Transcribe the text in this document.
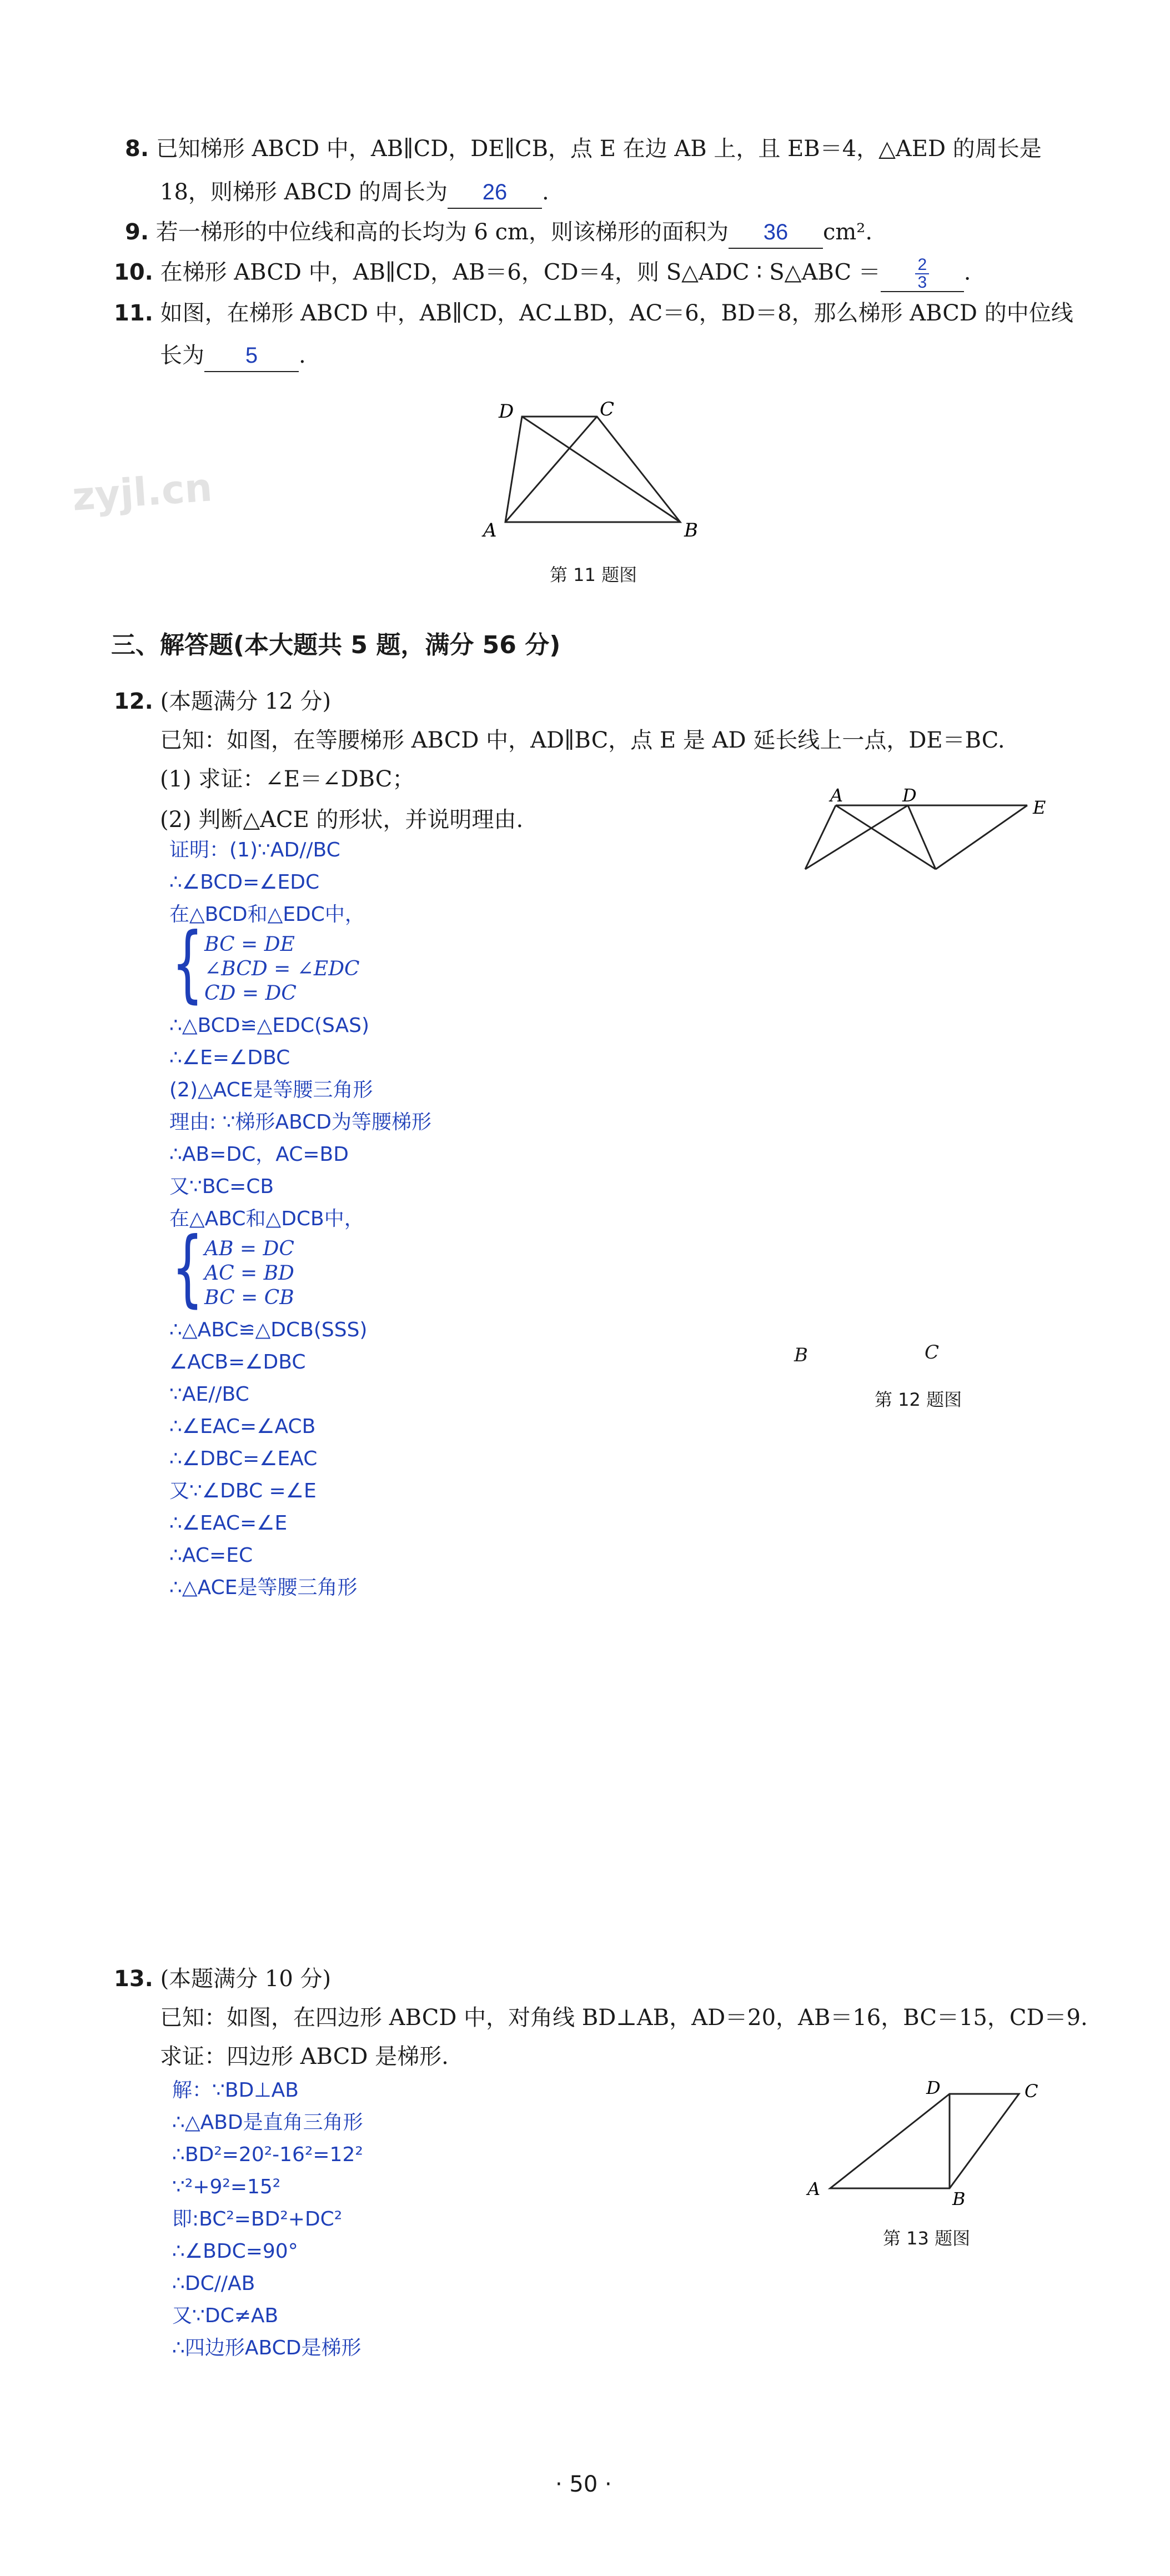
zyjl.cn
8. 已知梯形 ABCD 中，AB∥CD，DE∥CB，点 E 在边 AB 上，且 EB＝4，△AED 的周长是
18，则梯形 ABCD 的周长为 26 .
9. 若一梯形的中位线和高的长均为 6 cm，则该梯形的面积为 36 cm².
10. 在梯形 ABCD 中，AB∥CD，AB＝6，CD＝4，则 S△ADC ∶ S△ABC ＝ $\frac{2}{3}$ .
11. 如图，在梯形 ABCD 中，AB∥CD，AC⊥BD，AC＝6，BD＝8，那么梯形 ABCD 的中位线
长为 5 .
D	C
A	B
第 11 题图
三、解答题(本大题共 5 题，满分 56 分)
12. (本题满分 12 分)
已知：如图，在等腰梯形 ABCD 中，AD∥BC，点 E 是 AD 延长线上一点，DE＝BC.
(1) 求证：∠E＝∠DBC；
(2) 判断△ACE 的形状，并说明理由.
A	D
E
B	C
第 12 题图
证明：(1)∵AD//BC
∴∠BCD=∠EDC
在△BCD和△EDC中，
{ BC = DE
∠BCD = ∠EDC
CD = DC
∴△BCD≌△EDC(SAS)
∴∠E=∠DBC
(2)△ACE是等腰三角形
理由: ∵梯形ABCD为等腰梯形
∴AB=DC，AC=BD
又∵BC=CB
在△ABC和△DCB中，
{ AB = DC
AC = BD
BC = CB
∴△ABC≌△DCB(SSS)
∠ACB=∠DBC
∵AE//BC
∴∠EAC=∠ACB
∴∠DBC=∠EAC
又∵∠DBC =∠E
∴∠EAC=∠E
∴AC=EC
∴△ACE是等腰三角形
13. (本题满分 10 分)
已知：如图，在四边形 ABCD 中，对角线 BD⊥AB，AD＝20，AB＝16，BC＝15，CD＝9.
求证：四边形 ABCD 是梯形.
D	C
A	B
第 13 题图
解：∵BD⊥AB
∴△ABD是直角三角形
∴BD²=20²-16²=12²
∵²+9²=15²
即:BC²=BD²+DC²
∴∠BDC=90°
∴DC//AB
又∵DC≠AB
∴四边形ABCD是梯形
· 50 ·
